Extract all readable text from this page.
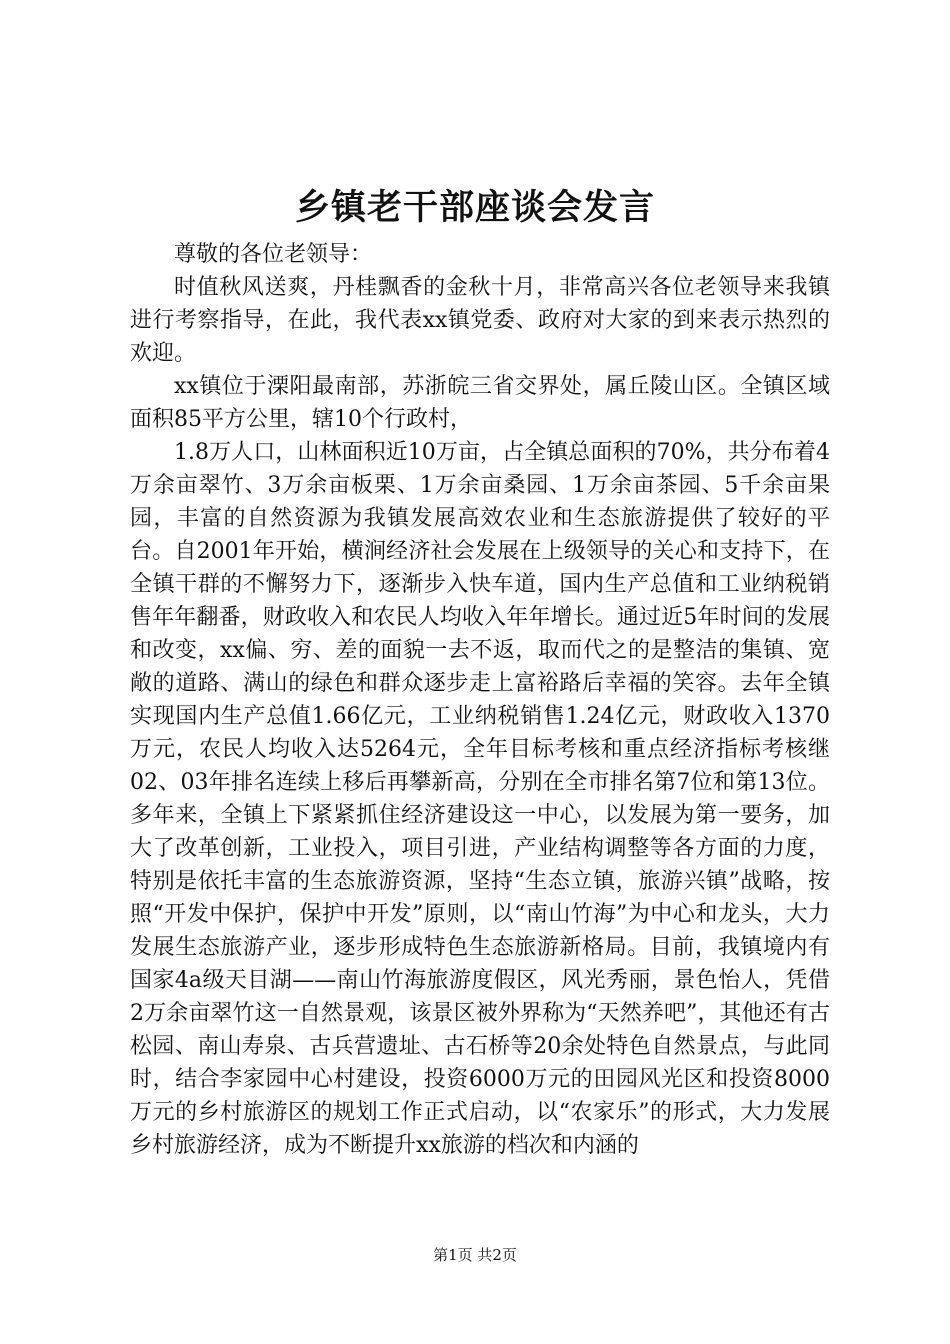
乡镇老干部座谈会发言

尊敬的各位老领导：

时值秋风送爽，丹桂飘香的金秋十月，非常高兴各位老领导来我镇进行考察指导，在此，我代表xx镇党委、政府对大家的到来表示热烈的欢迎。

xx镇位于溧阳最南部，苏浙皖三省交界处，属丘陵山区。全镇区域面积85平方公里，辖10个行政村，

1.8万人口，山林面积近10万亩，占全镇总面积的70%，共分布着4万余亩翠竹、3万余亩板栗、1万余亩桑园、1万余亩茶园、5千余亩果园，丰富的自然资源为我镇发展高效农业和生态旅游提供了较好的平台。自2001年开始，横涧经济社会发展在上级领导的关心和支持下，在全镇干群的不懈努力下，逐渐步入快车道，国内生产总值和工业纳税销售年年翻番，财政收入和农民人均收入年年增长。通过近5年时间的发展和改变，xx偏、穷、差的面貌一去不返，取而代之的是整洁的集镇、宽敞的道路、满山的绿色和群众逐步走上富裕路后幸福的笑容。去年全镇实现国内生产总值1.66亿元，工业纳税销售1.24亿元，财政收入1370万元，农民人均收入达5264元，全年目标考核和重点经济指标考核继02、03年排名连续上移后再攀新高，分别在全市排名第7位和第13位。多年来，全镇上下紧紧抓住经济建设这一中心，以发展为第一要务，加大了改革创新，工业投入，项目引进，产业结构调整等各方面的力度，特别是依托丰富的生态旅游资源，坚持“生态立镇，旅游兴镇”战略，按照“开发中保护，保护中开发”原则，以“南山竹海”为中心和龙头，大力发展生态旅游产业，逐步形成特色生态旅游新格局。目前，我镇境内有国家4a级天目湖——南山竹海旅游度假区，风光秀丽，景色怡人，凭借2万余亩翠竹这一自然景观，该景区被外界称为“天然养吧”，其他还有古松园、南山寿泉、古兵营遗址、古石桥等20余处特色自然景点，与此同时，结合李家园中心村建设，投资6000万元的田园风光区和投资8000万元的乡村旅游区的规划工作正式启动，以“农家乐”的形式，大力发展乡村旅游经济，成为不断提升xx旅游的档次和内涵的

第1页 共2页
